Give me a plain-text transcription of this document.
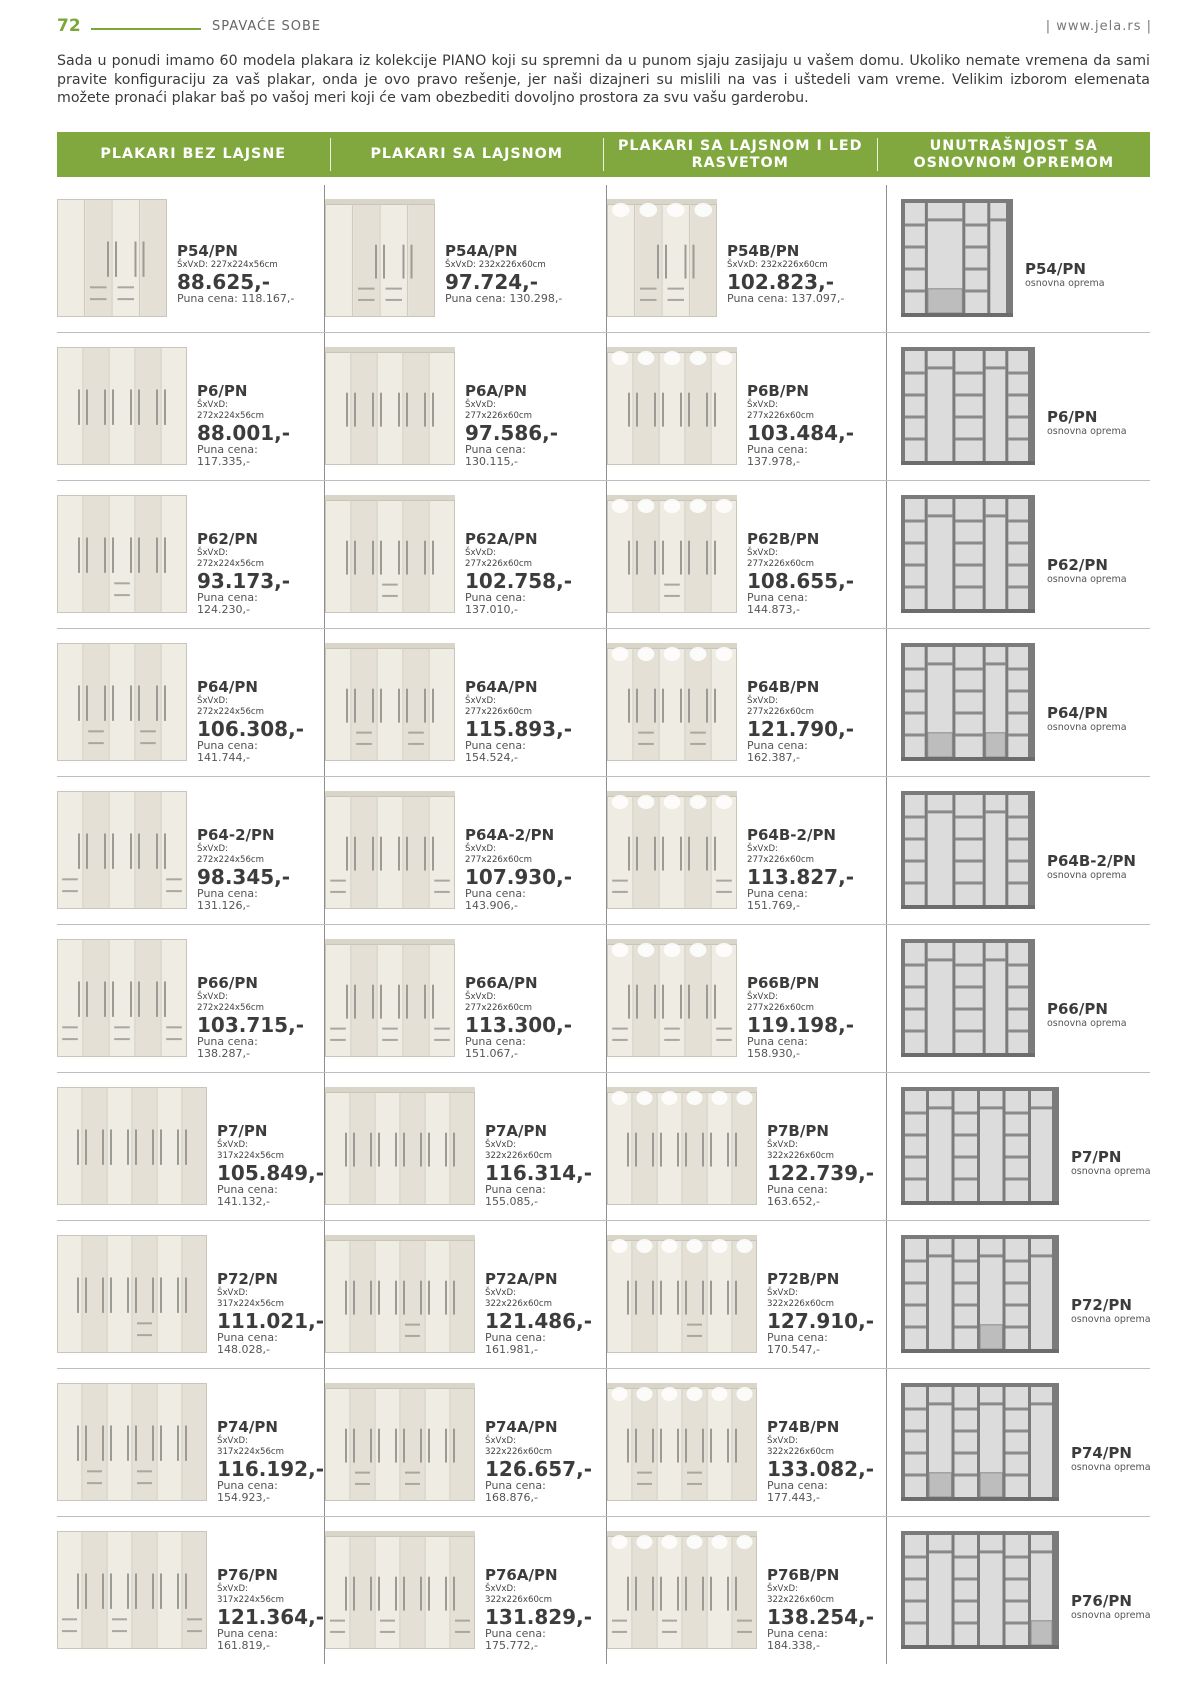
72	SPAVAĆE SOBE	| www.jela.rs |

Sada u ponudi imamo 60 modela plakara iz kolekcije PIANO koji su spremni da u punom sjaju zasijaju u vašem domu. Ukoliko nemate vremena da sami pravite konfiguraciju za vaš plakar, onda je ovo pravo rešenje, jer naši dizajneri su mislili na vas i uštedeli vam vreme. Velikim izborom elemenata možete pronaći plakar baš po vašoj meri koji će vam obezbediti dovoljno prostora za svu vašu garderobu.

PLAKARI BEZ LAJSNE	PLAKARI SA LAJSNOM
PLAKARI SA LAJSNOM I LED RASVETOM
UNUTRAŠNJOST SA OSNOVNOM OPREMOM
P54/PN
ŠxVxD: 227x224x56cm
88.625,-
Puna cena: 118.167,-
P54A/PN
ŠxVxD: 232x226x60cm
97.724,-
Puna cena: 130.298,-
P54B/PN
ŠxVxD: 232x226x60cm
102.823,-
Puna cena: 137.097,-
P54/PN
osnovna oprema
P6/PN
ŠxVxD:
272x224x56cm
88.001,-
Puna cena:
117.335,-
P6A/PN
ŠxVxD:
277x226x60cm
97.586,-
Puna cena:
130.115,-
P6B/PN
ŠxVxD:
277x226x60cm
103.484,-
Puna cena:
137.978,-
P6/PN
osnovna oprema
P62/PN
ŠxVxD:
272x224x56cm
93.173,-
Puna cena:
124.230,-
P62A/PN
ŠxVxD:
277x226x60cm
102.758,-
Puna cena:
137.010,-
P62B/PN
ŠxVxD:
277x226x60cm
108.655,-
Puna cena:
144.873,-
P62/PN
osnovna oprema
P64/PN
ŠxVxD:
272x224x56cm
106.308,-
Puna cena:
141.744,-
P64A/PN
ŠxVxD:
277x226x60cm
115.893,-
Puna cena:
154.524,-
P64B/PN
ŠxVxD:
277x226x60cm
121.790,-
Puna cena:
162.387,-
P64/PN
osnovna oprema
P64-2/PN
ŠxVxD:
272x224x56cm
98.345,-
Puna cena:
131.126,-
P64A-2/PN
ŠxVxD:
277x226x60cm
107.930,-
Puna cena:
143.906,-
P64B-2/PN
ŠxVxD:
277x226x60cm
113.827,-
Puna cena:
151.769,-
P64B-2/PN
osnovna oprema
P66/PN
ŠxVxD:
272x224x56cm
103.715,-
Puna cena:
138.287,-
P66A/PN
ŠxVxD:
277x226x60cm
113.300,-
Puna cena:
151.067,-
P66B/PN
ŠxVxD:
277x226x60cm
119.198,-
Puna cena:
158.930,-
P66/PN
osnovna oprema
P7/PN
ŠxVxD:
317x224x56cm
105.849,-
Puna cena:
141.132,-
P7A/PN
ŠxVxD:
322x226x60cm
116.314,-
Puna cena:
155.085,-
P7B/PN
ŠxVxD:
322x226x60cm
122.739,-
Puna cena:
163.652,-
P7/PN
osnovna oprema
P72/PN
ŠxVxD:
317x224x56cm
111.021,-
Puna cena:
148.028,-
P72A/PN
ŠxVxD:
322x226x60cm
121.486,-
Puna cena:
161.981,-
P72B/PN
ŠxVxD:
322x226x60cm
127.910,-
Puna cena:
170.547,-
P72/PN
osnovna oprema
P74/PN
ŠxVxD:
317x224x56cm
116.192,-
Puna cena:
154.923,-
P74A/PN
ŠxVxD:
322x226x60cm
126.657,-
Puna cena:
168.876,-
P74B/PN
ŠxVxD:
322x226x60cm
133.082,-
Puna cena:
177.443,-
P74/PN
osnovna oprema
P76/PN
ŠxVxD:
317x224x56cm
121.364,-
Puna cena:
161.819,-
P76A/PN
ŠxVxD:
322x226x60cm
131.829,-
Puna cena:
175.772,-
P76B/PN
ŠxVxD:
322x226x60cm
138.254,-
Puna cena:
184.338,-
P76/PN
osnovna oprema
